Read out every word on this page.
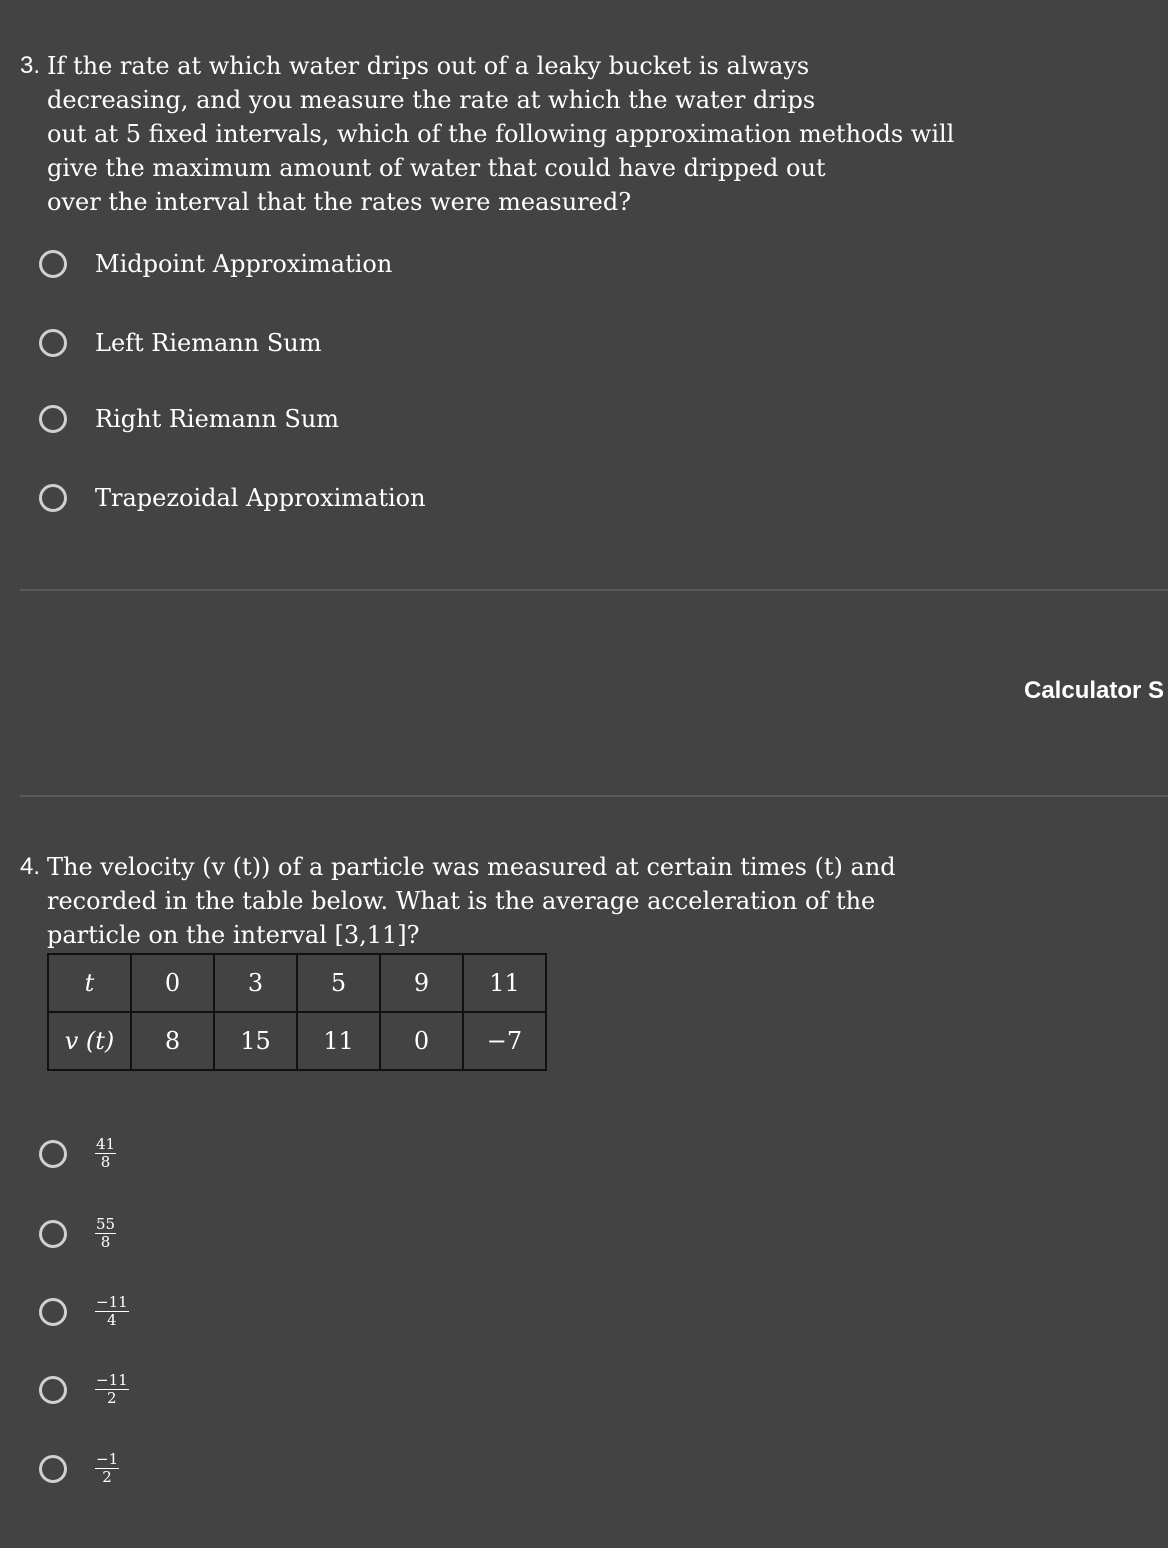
3. If the rate at which water drips out of a leaky bucket is always
decreasing, and you measure the rate at which the water drips
out at 5 fixed intervals, which of the following approximation methods will
give the maximum amount of water that could have dripped out
over the interval that the rates were measured?
Midpoint Approximation
Left Riemann Sum
Right Riemann Sum
Trapezoidal Approximation
Calculator S
4. The velocity (v (t)) of a particle was measured at certain times (t) and
recorded in the table below. What is the average acceleration of the
particle on the interval [3,11]?
t	0	3	5	9	11
v (t)	8	15	11	0	−7
$\frac{41}{8}$
$\frac{55}{8}$
$\frac{-11}{4}$
$\frac{-11}{2}$
$\frac{-1}{2}$
